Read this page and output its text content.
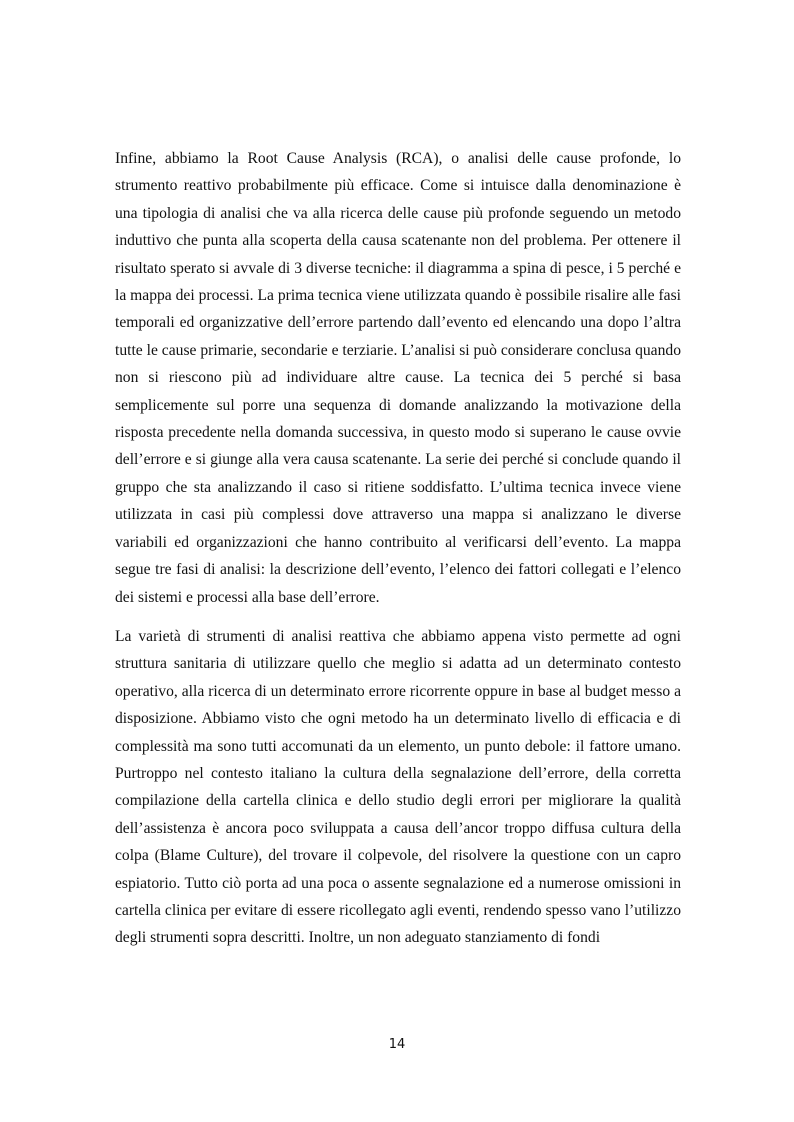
Infine, abbiamo la Root Cause Analysis (RCA), o analisi delle cause profonde, lo strumento reattivo probabilmente più efficace. Come si intuisce dalla denominazione è una tipologia di analisi che va alla ricerca delle cause più profonde seguendo un metodo induttivo che punta alla scoperta della causa scatenante non del problema. Per ottenere il risultato sperato si avvale di 3 diverse tecniche: il diagramma a spina di pesce, i 5 perché e la mappa dei processi. La prima tecnica viene utilizzata quando è possibile risalire alle fasi temporali ed organizzative dell’errore partendo dall’evento ed elencando una dopo l’altra tutte le cause primarie, secondarie e terziarie. L’analisi si può considerare conclusa quando non si riescono più ad individuare altre cause. La tecnica dei 5 perché si basa semplicemente sul porre una sequenza di domande analizzando la motivazione della risposta precedente nella domanda successiva, in questo modo si superano le cause ovvie dell’errore e si giunge alla vera causa scatenante. La serie dei perché si conclude quando il gruppo che sta analizzando il caso si ritiene soddisfatto. L’ultima tecnica invece viene utilizzata in casi più complessi dove attraverso una mappa si analizzano le diverse variabili ed organizzazioni che hanno contribuito al verificarsi dell’evento. La mappa segue tre fasi di analisi: la descrizione dell’evento, l’elenco dei fattori collegati e l’elenco dei sistemi e processi alla base dell’errore.

La varietà di strumenti di analisi reattiva che abbiamo appena visto permette ad ogni struttura sanitaria di utilizzare quello che meglio si adatta ad un determinato contesto operativo, alla ricerca di un determinato errore ricorrente oppure in base al budget messo a disposizione. Abbiamo visto che ogni metodo ha un determinato livello di efficacia e di complessità ma sono tutti accomunati da un elemento, un punto debole: il fattore umano. Purtroppo nel contesto italiano la cultura della segnalazione dell’errore, della corretta compilazione della cartella clinica e dello studio degli errori per migliorare la qualità dell’assistenza è ancora poco sviluppata a causa dell’ancor troppo diffusa cultura della colpa (Blame Culture), del trovare il colpevole, del risolvere la questione con un capro espiatorio. Tutto ciò porta ad una poca o assente segnalazione ed a numerose omissioni in cartella clinica per evitare di essere ricollegato agli eventi, rendendo spesso vano l’utilizzo degli strumenti sopra descritti. Inoltre, un non adeguato stanziamento di fondi

14
